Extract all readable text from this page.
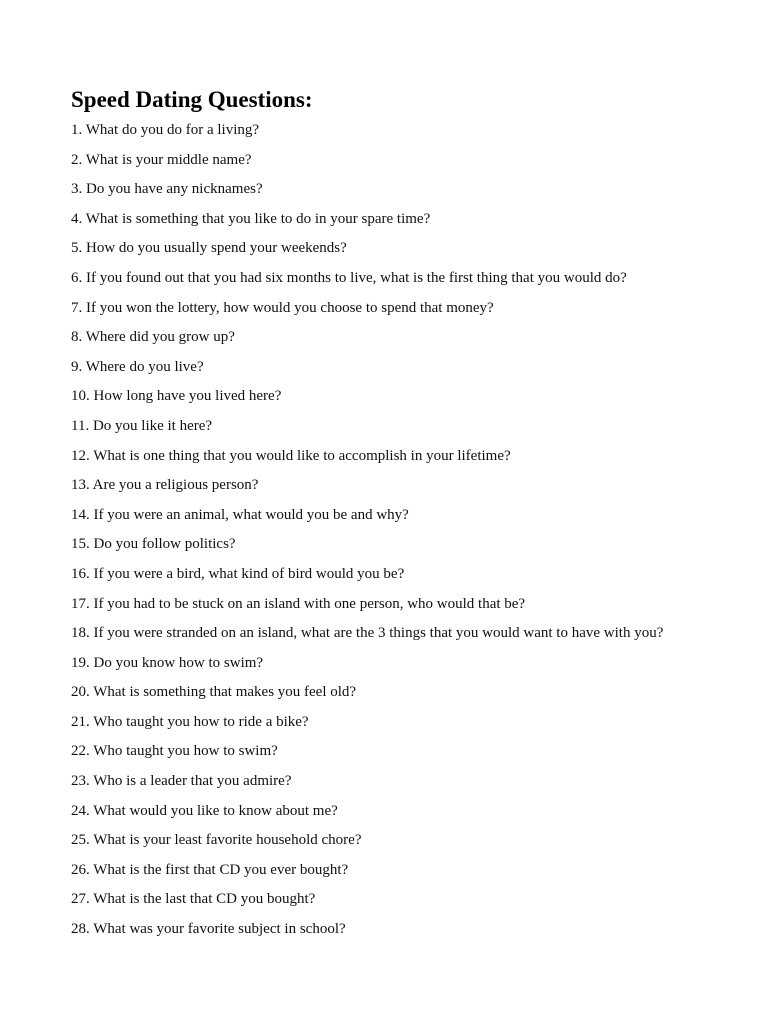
Speed Dating Questions:
1. What do you do for a living?
2. What is your middle name?
3. Do you have any nicknames?
4. What is something that you like to do in your spare time?
5. How do you usually spend your weekends?
6. If you found out that you had six months to live, what is the first thing that you would do?
7. If you won the lottery, how would you choose to spend that money?
8. Where did you grow up?
9. Where do you live?
10. How long have you lived here?
11. Do you like it here?
12. What is one thing that you would like to accomplish in your lifetime?
13. Are you a religious person?
14. If you were an animal, what would you be and why?
15. Do you follow politics?
16. If you were a bird, what kind of bird would you be?
17. If you had to be stuck on an island with one person, who would that be?
18. If you were stranded on an island, what are the 3 things that you would want to have with you?
19. Do you know how to swim?
20. What is something that makes you feel old?
21. Who taught you how to ride a bike?
22. Who taught you how to swim?
23. Who is a leader that you admire?
24. What would you like to know about me?
25. What is your least favorite household chore?
26. What is the first that CD you ever bought?
27. What is the last that CD you bought?
28. What was your favorite subject in school?
